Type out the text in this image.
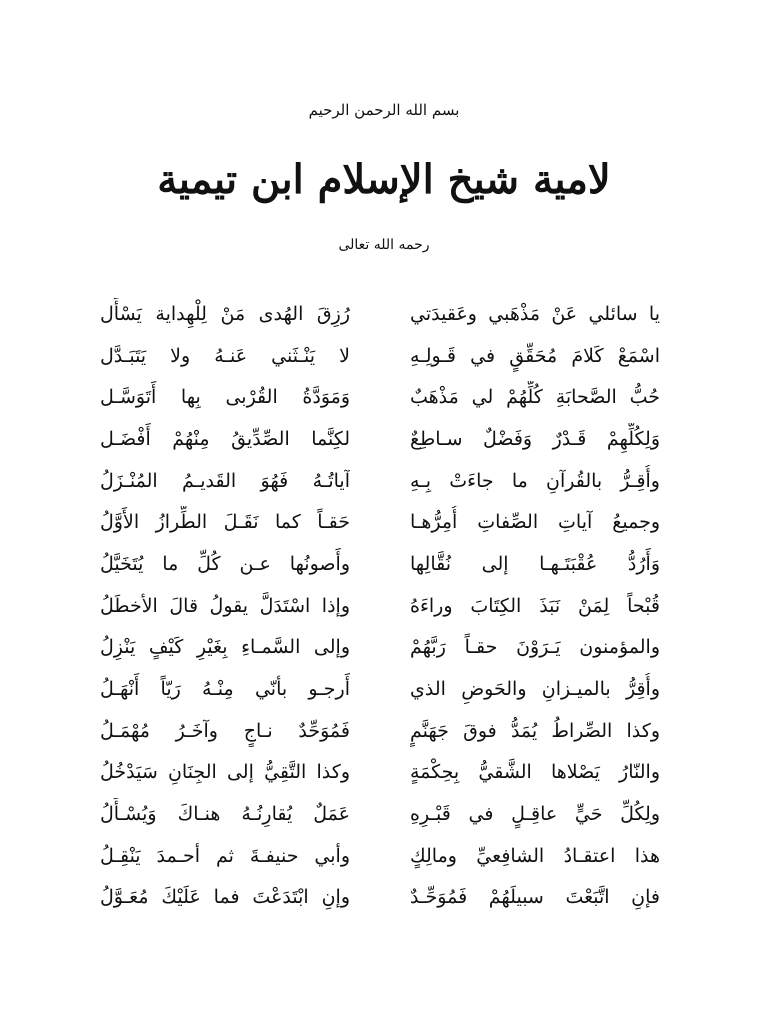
بسم الله الرحمن الرحيم
لامية شيخ الإسلام ابن تيمية
رحمه الله تعالى
يا سائلي عَنْ مَذْهَبي وعَقيدَتي
رُزِقَ الهُدى مَنْ لِلْهِداية يَسْأَل
اسْمَعْ كَلامَ مُحَقِّقٍ في قَـولِـهِ
لا يَنْـثَني عَنـهُ ولا يَتَبَـدَّل
حُبُّ الصَّحابَةِ كُلِّهُمْ لي مَذْهَبٌ
وَمَوَدَّةُ القُرْبى بِها أَتَوَسَّـل
وَلِكُلِّهِمْ قَـدْرٌ وَفَضْلٌ سـاطِعٌ
لكِنَّما الصِّدِّيقُ مِنْهُمْ أَفْضَـل
وأُقِـرُّ بالقُرآنِ ما جاءَتْ بِـهِ
آياتُـهُ فَهُوَ القَديـمُ المُنْـزَلُ
وجميعُ آياتِ الصِّفاتِ أُمِرُّهـا
حَقـاً كما نَقَـلَ الطِّرازُ الأَوَّلُ
وَأَرُدُّ عُقْبَتَـهـا إلى نُقَّالِها
وأَصونُها عـن كُلِّ ما يُتَخَيَّلُ
قُبْحاً لِمَنْ نَبَذَ الكِتَابَ وراءَهُ
وإذا اسْتَدَلَّ يقولُ قالَ الأخطَلُ
والمؤمنون يَـرَوْنَ حقـاً رَبَّهُمْ
وإلى السَّمـاءِ بِغَيْرِ كَيْفٍ يَنْزِلُ
وأُقِرُّ بالميـزانِ والحَوضِ الذي
أَرجـو بأنّي مِنْـهُ رَيّاً أَنْهَـلُ
وكذا الصِّراطُ يُمَدُّ فوقَ جَهَنَّمٍ
فَمُوَحِّدٌ نـاجٍ وآخَـرُ مُهْمَـلُ
والنّارُ يَصْلاها الشَّقيُّ بِحِكْمَةٍ
وكذا التَّقِيُّ إلى الجِنَانِ سَيَدْخُلُ
ولِكُلِّ حَيٍّ عاقِـلٍ في قَبْـرِهِ
عَمَلٌ يُقارِنُـهُ هنـاكَ وَيُسْـأَلُ
هذا اعتقـادُ الشافِعيِّ ومالِكٍ
وأبي حنيفـةَ ثم أحـمدَ يَنْقِـلُ
فإنِ اتَّبَعْتَ سبيلَهُمْ فَمُوَحِّـدٌ
وإنِ ابْتَدَعْتَ فما عَلَيْكَ مُعَـوَّلُ
